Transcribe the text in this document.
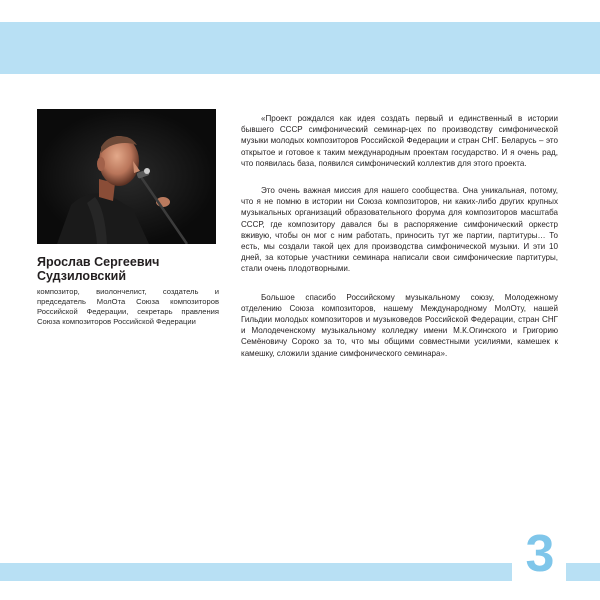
Ярослав Сергеевич
Судзиловский
композитор, виолончелист, создатель и председатель МолОта Союза композиторов Российской Федерации, секретарь правления Союза композиторов Российской Федерации

«Проект рождался как идея создать первый и единственный в истории бывшего СССР симфонический семинар-цех по производству симфонической музыки молодых композиторов Российской Федерации и стран СНГ. Беларусь – это открытое и готовое к таким международным проектам государство. И я очень рад, что появилась база, появился симфонический коллектив для этого проекта.

Это очень важная миссия для нашего сообщества. Она уникальная, потому, что я не помню в истории ни Союза композиторов, ни каких-либо других крупных музыкальных организаций образовательного форума для композиторов масштаба СССР, где композитору давался бы в распоряжение симфонический оркестр вживую, чтобы он мог с ним работать, приносить тут же партии, партитуры… То есть, мы создали такой цех для производства симфонической музыки. И эти 10 дней, за которые участники семинара написали свои симфонические партитуры, стали очень плодотворными.

Большое спасибо Российскому музыкальному союзу, Молодежному отделению Союза композиторов, нашему Международному МолОту, нашей Гильдии молодых композиторов и музыковедов Российской Федерации, стран СНГ и Молодеченскому музыкальному колледжу имени М.К.Огинского и Григорию Семёновичу Сороко за то, что мы общими совместными усилиями, камешек к камешку, сложили здание симфонического семинара».

3
